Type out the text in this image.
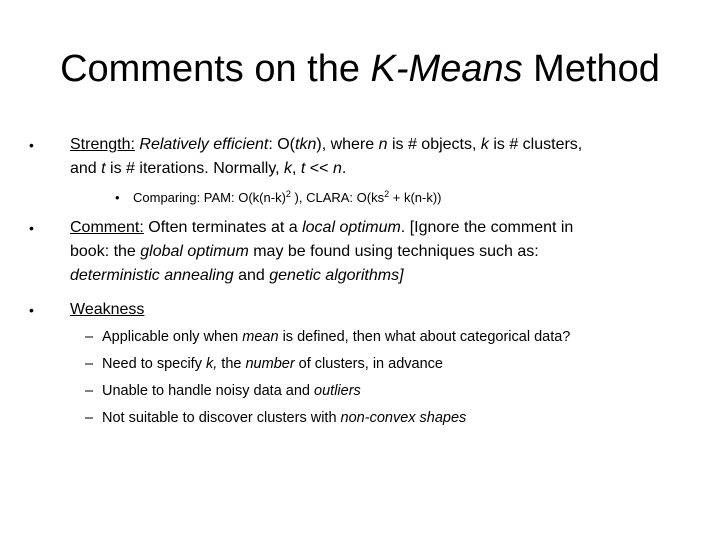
Comments on the K-Means Method
• Strength: Relatively efficient: O(tkn), where n is # objects, k is # clusters,
and t is # iterations. Normally, k, t << n.
• Comparing: PAM: $O(k(n-k)^2$ ), CLARA: $O(ks^2 + k(n-k))$
• Comment: Often terminates at a local optimum. [Ignore the comment in
book: the global optimum may be found using techniques such as:
deterministic annealing and genetic algorithms]
• Weakness
– Applicable only when mean is defined, then what about categorical data?
– Need to specify k, the number of clusters, in advance
– Unable to handle noisy data and outliers
– Not suitable to discover clusters with non-convex shapes
